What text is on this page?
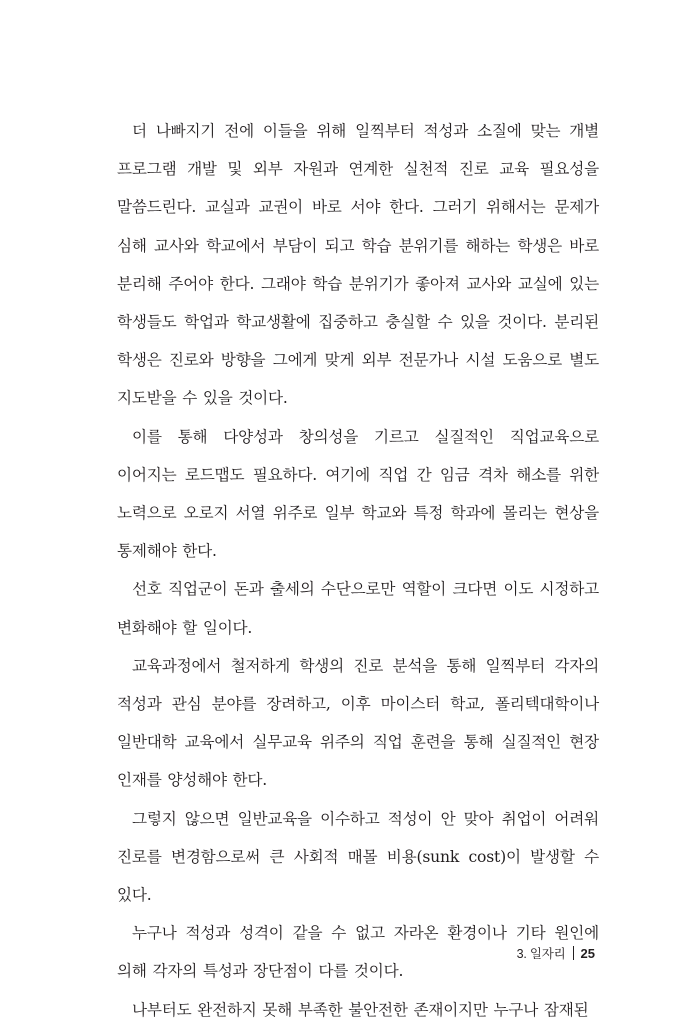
더 나빠지기 전에 이들을 위해 일찍부터 적성과 소질에 맞는 개별 프로그램 개발 및 외부 자원과 연계한 실천적 진로 교육 필요성을 말씀드린다. 교실과 교권이 바로 서야 한다. 그러기 위해서는 문제가 심해 교사와 학교에서 부담이 되고 학습 분위기를 해하는 학생은 바로 분리해 주어야 한다. 그래야 학습 분위기가 좋아져 교사와 교실에 있는 학생들도 학업과 학교생활에 집중하고 충실할 수 있을 것이다. 분리된 학생은 진로와 방향을 그에게 맞게 외부 전문가나 시설 도움으로 별도 지도받을 수 있을 것이다.

이를 통해 다양성과 창의성을 기르고 실질적인 직업교육으로 이어지는 로드맵도 필요하다. 여기에 직업 간 임금 격차 해소를 위한 노력으로 오로지 서열 위주로 일부 학교와 특정 학과에 몰리는 현상을 통제해야 한다.

선호 직업군이 돈과 출세의 수단으로만 역할이 크다면 이도 시정하고 변화해야 할 일이다.

교육과정에서 철저하게 학생의 진로 분석을 통해 일찍부터 각자의 적성과 관심 분야를 장려하고, 이후 마이스터 학교, 폴리텍대학이나 일반대학 교육에서 실무교육 위주의 직업 훈련을 통해 실질적인 현장 인재를 양성해야 한다.

그렇지 않으면 일반교육을 이수하고 적성이 안 맞아 취업이 어려워 진로를 변경함으로써 큰 사회적 매몰 비용(sunk cost)이 발생할 수 있다.

누구나 적성과 성격이 같을 수 없고 자라온 환경이나 기타 원인에 의해 각자의 특성과 장단점이 다를 것이다.

나부터도 완전하지 못해 부족한 불안전한 존재이지만 누구나 잠재된

3. 일자리 25
